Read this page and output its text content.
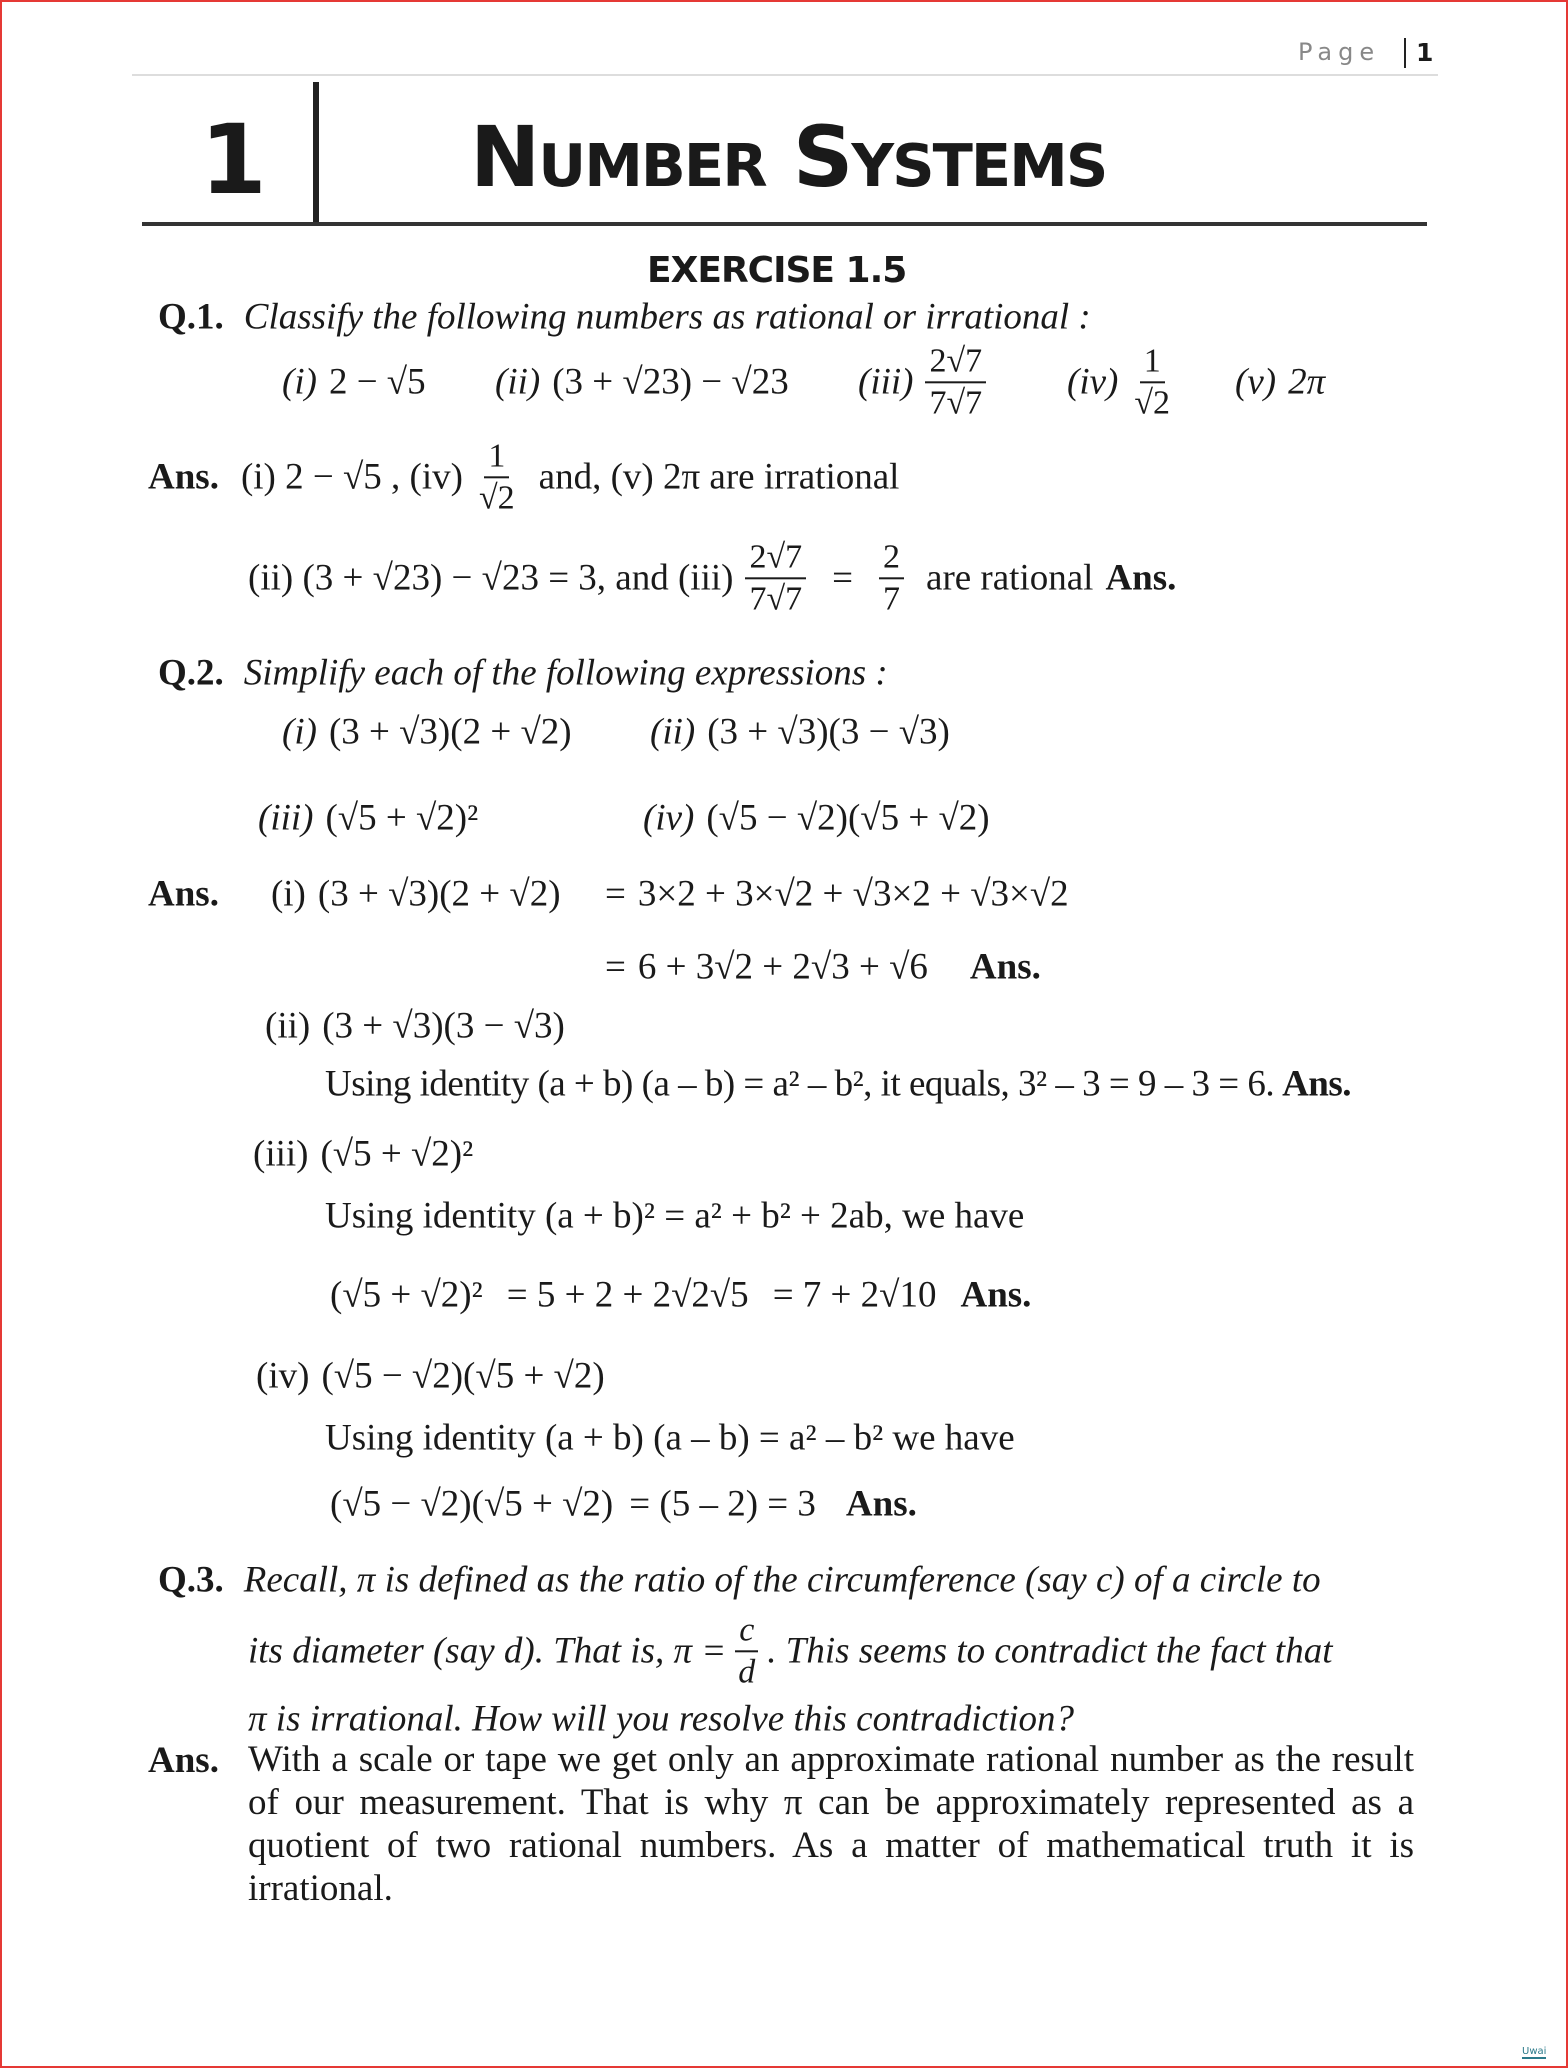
Page 1
1 Number Systems
EXERCISE 1.5
Q.1. Classify the following numbers as rational or irrational :
(i) 2 − √5 (ii) (3 + √23) − √23 $(iii) \frac{2√7}{7√7} (iv) \frac{1}{√2} (v)$ 2π
Ans. (i) 2 − √5 , $(iv) \frac{1}{√2}$ and, (v) 2π are irrational
(ii) (3 + √23) − √23 = 3, and $(iii) \frac{2√7}{7√7} = \frac{2}{7}$ are rational Ans.
Q.2. Simplify each of the following expressions :
(i) (3 + √3)(2 + √2) (ii) (3 + √3)(3 − √3)
(iii) (√5 + √2)²	(iv) (√5 − √2)(√5 + √2)
Ans. (i) (3 + √3)(2 + √2) = 3×2 + 3×√2 + √3×2 + √3×√2
= 6 + 3√2 + 2√3 + √6 Ans.
(ii) (3 + √3)(3 − √3)
Using identity (a + b) (a – b) = a² – b², it equals, 3² – 3 = 9 – 3 = 6. Ans.
(iii) (√5 + √2)²
Using identity (a + b)² = a² + b² + 2ab, we have
(√5 + √2)² = 5 + 2 + 2√2√5 = 7 + 2√10 Ans.
(iv) (√5 − √2)(√5 + √2)
Using identity (a + b) (a – b) = a² – b² we have
(√5 − √2)(√5 + √2) = (5 – 2) = 3 Ans.
Q.3. Recall, π is defined as the ratio of the circumference (say c) of a circle to
its diameter (say d). That is, $\pi = \frac{c}{d}$ . This seems to contradict the fact that
π is irrational. How will you resolve this contradiction?
Ans. With a scale or tape we get only an approximate rational number as the result of our measurement. That is why π can be approximately represented as a quotient of two rational numbers. As a matter of mathematical truth it is irrational.
Uwai
